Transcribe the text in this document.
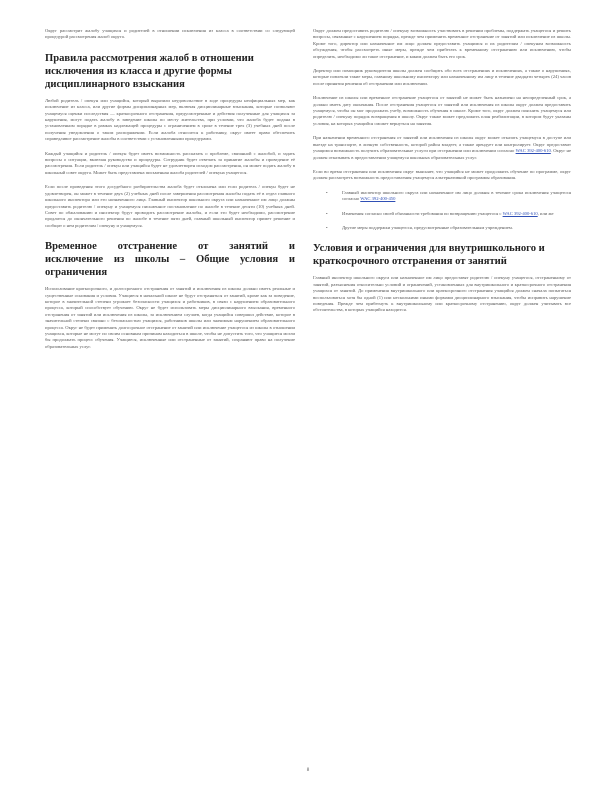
Округ рассмотрит жалобу учащихся и родителей в отношении исключения из класса в соответствии со следующей процедурой рассмотрения жалоб округа.

Правила рассмотрения жалоб в отношении исключения из класса и другие формы дисциплинарного взыскания

Любой родитель / опекун или учащийся, который выразили неудовольствие в ходе процедуры неофициальных мер, как исключение из класса, или другие формы дисциплинарных мер, включая дисциплинарные взыскания, которые позволяют учащемуся оценки последствия — краткосрочного отстранения, предусмотренные и действия полученные для учащихся за нарушения, могут подать жалобу в заведение школы по месту жительства, при условии, что жалоба будет подана в установленном порядке в рамках надлежащей процедуры с ограничением в сроке в течение трех (3) учебных дней после получения уведомления о таком распоряжении. Если жалоба относится к работнику, округ имеет право обеспечить справедливое рассмотрение жалобы в соответствии с установленными процедурами.

Каждый учащийся и родитель / опекун будет иметь возможность рассказать о проблеме, связанной с жалобой, и задать вопросы о ситуации, включая руководство и процедуры. Сотрудник будет отвечать за принятие жалобы и проведение её рассмотрения. Если родитель / опекун или учащийся будет не удовлетворен исходом рассмотрения, он может подать жалобу в школьный совет округа. Может быть представлена письменная жалоба родителей / опекуна учащегося.

Если после проведения этого досудебного разбирательства жалоба будет отклонена или если родитель / опекун будет не удовлетворен, он может в течение двух (2) учебных дней после завершения рассмотрения жалобы подать её в отдел главного школьного инспектора или его назначенного лица. Главный инспектор школьного округа или назначенное им лицо должны предоставить родителю / опекуну и учащемуся письменное постановление по жалобе в течение десяти (10) учебных дней. Совет по обжалованию и инспектор будут проводить рассмотрение жалобы, и если это будет необходимо, рассмотрение продлится до окончательного решения по жалобе в течение пяти дней, главный школьный инспектор примет решение и сообщит о нем родителям / опекуну и учащемуся.

Временное отстранение от занятий и исключение из школы – Общие условия и ограничения

Использование краткосрочного, и долгосрочного отстранения от занятий и исключения из школы должно иметь реальные и существенные основания и условия. Учащиеся в начальной школе не будут отстраняться от занятий, кроме как за поведение, которое в значительной степени угрожает безопасности учащихся и работников, в связи с нарушением образовательного процесса, который способствует обучению. Округ не будет использовать меры дисциплинарного взыскания, временного отстранения от занятий или исключения из школы, за исключением случаев, когда учащийся совершил действие, которое в значительной степени связано с безопасностью учащихся, работников школы или значимым нарушением образовательного процесса. Округ не будет применять долгосрочное отстранение от занятий или исключение учащегося из школы в отношении учащихся, которые не могут по своим основным причинам находиться в школе, чтобы не допустить того, что учащиеся могли бы продолжать процесс обучения. Учащиеся, исключенные или отстраненные от занятий, сохраняют право на получение образовательных услуг.

Округ должен предоставить родителю / опекуну возможность участвовать в решении проблемы, поддержать учащегося и решить вопросы, связанные с нарушением порядка, прежде чем применить временное отстранение от занятий или исключение из школы. Кроме того, директор или назначенное им лицо должен предоставить учащимся и их родителям / опекунам возможность обсуждения, чтобы рассмотреть иные меры, прежде чем прибегать к временному отстранению или исключению, чтобы определить, необходимо ли такое отстранение, и каким должен быть его срок.

Директор или помощник руководителя школы должен сообщить обо всех отстранениях и исключениях, а также о нарушениях, которые повлекли такие меры, главному школьному инспектору или назначенному им лицу в течение двадцати четырех (24) часов после принятия решения об отстранении или исключении.

Исключение из школы или временное отстранение учащегося от занятий не может быть назначено на неопределенный срок, а должно иметь дату окончания. После отстранения учащегося от занятий или исключения из школы округ должен предоставить учащемуся, чтобы он мог продолжать учебу, возможность обучения в школе. Кроме того, округ должен пояснить учащемуся или родителю / опекуну порядок возвращения в школу. Округ также может предложить план реабилитации, в котором будут указаны условия, на которых учащийся сможет вернуться на занятия.

При назначении временного отстранения от занятий или исключения из школы округ может отказать учащемуся в доступе или выезде на транспорте, в личную собственность, которой район владеет, а также арендует или контролирует. Округ предоставит учащимся возможность получить образовательные услуги при отстранении или исключении согласно WAC 392-400-610. Округ не должен отказывать в предоставлении учащемуся школьных образовательных услуг.

Если во время отстранения или исключения округ выясняет, что учащийся не может продолжить обучение по программе, округ должен рассмотреть возможность предоставления учащемуся альтернативной программы образования.

•	Главный инспектор школьного округа или назначенное им лицо должны в течение срока исключения учащегося согласно WAC 392-400-450
•	Изменения согласно своей обязанности требования по возвращению учащегося с WAC 392-400-610, или же
•	Другие меры поддержки учащегося, предусмотренные образовательным учреждением.
Условия и ограничения для внутришкольного и краткосрочного отстранения от занятий

Главный инспектор школьного округа или назначенное им лицо предоставят родителю / опекуну учащегося, отстраненному от занятий, разъяснения относительно условий и ограничений, установленных для внутришкольного и краткосрочного отстранения учащихся от занятий. До применения внутришкольного или краткосрочного отстранения учащийся должен сначала попытаться воспользоваться хотя бы одной (1) или несколькими иными формами дисциплинарного взыскания, чтобы исправить нарушение поведения. Прежде чем прибегнуть к внутришкольному или краткосрочному отстранению, округ должен учитывать все обстоятельства, в которых учащийся находится.

8
